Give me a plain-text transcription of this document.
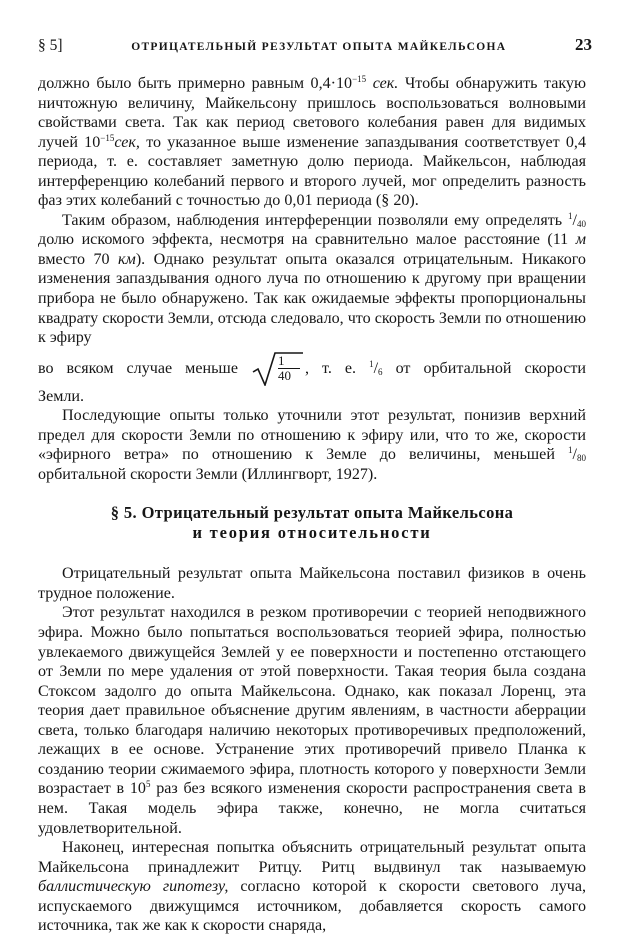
§ 5]	ОТРИЦАТЕЛЬНЫЙ РЕЗУЛЬТАТ ОПЫТА МАЙКЕЛЬСОНА	23

должно было быть примерно равным $0,4\cdot 10^{-15}$ сек. Чтобы обнаружить такую ничтожную величину, Майкельсону пришлось воспользоваться волновыми свойствами света. Так как период светового колебания равен для видимых лучей $10^{-15}сек$, то указанное выше изменение запаздывания соответствует 0,4 периода, т. е. составляет заметную долю периода. Майкельсон, наблюдая интерференцию колебаний первого и второго лучей, мог определить разность фаз этих колебаний с точностью до 0,01 периода (§ 20).

Таким образом, наблюдения интерференции позволяли ему определять $^1/_{40}$ долю искомого эффекта, несмотря на сравнительно малое расстояние (11 м вместо 70 км). Однако результат опыта оказался отрицательным. Никакого изменения запаздывания одного луча по отношению к другому при вращении прибора не было обнаружено. Так как ожидаемые эффекты пропорциональны квадрату скорости Земли, отсюда следовало, что скорость Земли по отношению к эфиру

во всяком случае меньше	$\frac{1}{40}$ , т. е. $^1/_6$ от орбитальной скорости

Земли.

Последующие опыты только уточнили этот результат, понизив верхний предел для скорости Земли по отношению к эфиру или, что то же, скорости «эфирного ветра» по отношению к Земле до величины, меньшей $^1/_{80}$ орбитальной скорости Земли (Иллингворт, 1927).

§ 5. Отрицательный результат опыта Майкельсона
и теория относительности

Отрицательный результат опыта Майкельсона поставил физиков в очень трудное положение.

Этот результат находился в резком противоречии с теорией неподвижного эфира. Можно было попытаться воспользоваться теорией эфира, полностью увлекаемого движущейся Землей у ее поверхности и постепенно отстающего от Земли по мере удаления от этой поверхности. Такая теория была создана Стоксом задолго до опыта Майкельсона. Однако, как показал Лоренц, эта теория дает правильное объяснение другим явлениям, в частности аберрации света, только благодаря наличию некоторых противоречивых предположений, лежащих в ее основе. Устранение этих противоречий привело Планка к созданию теории сжимаемого эфира, плотность которого у поверхности Земли возрастает в $10^5$ раз без всякого изменения скорости распространения света в нем. Такая модель эфира также, конечно, не могла считаться удовлетворительной.

Наконец, интересная попытка объяснить отрицательный результат опыта Майкельсона принадлежит Ритцу. Ритц выдвинул так называемую баллистическую гипотезу, согласно которой к скорости светового луча, испускаемого движущимся источником, добавляется скорость самого источника, так же как к скорости снаряда,
